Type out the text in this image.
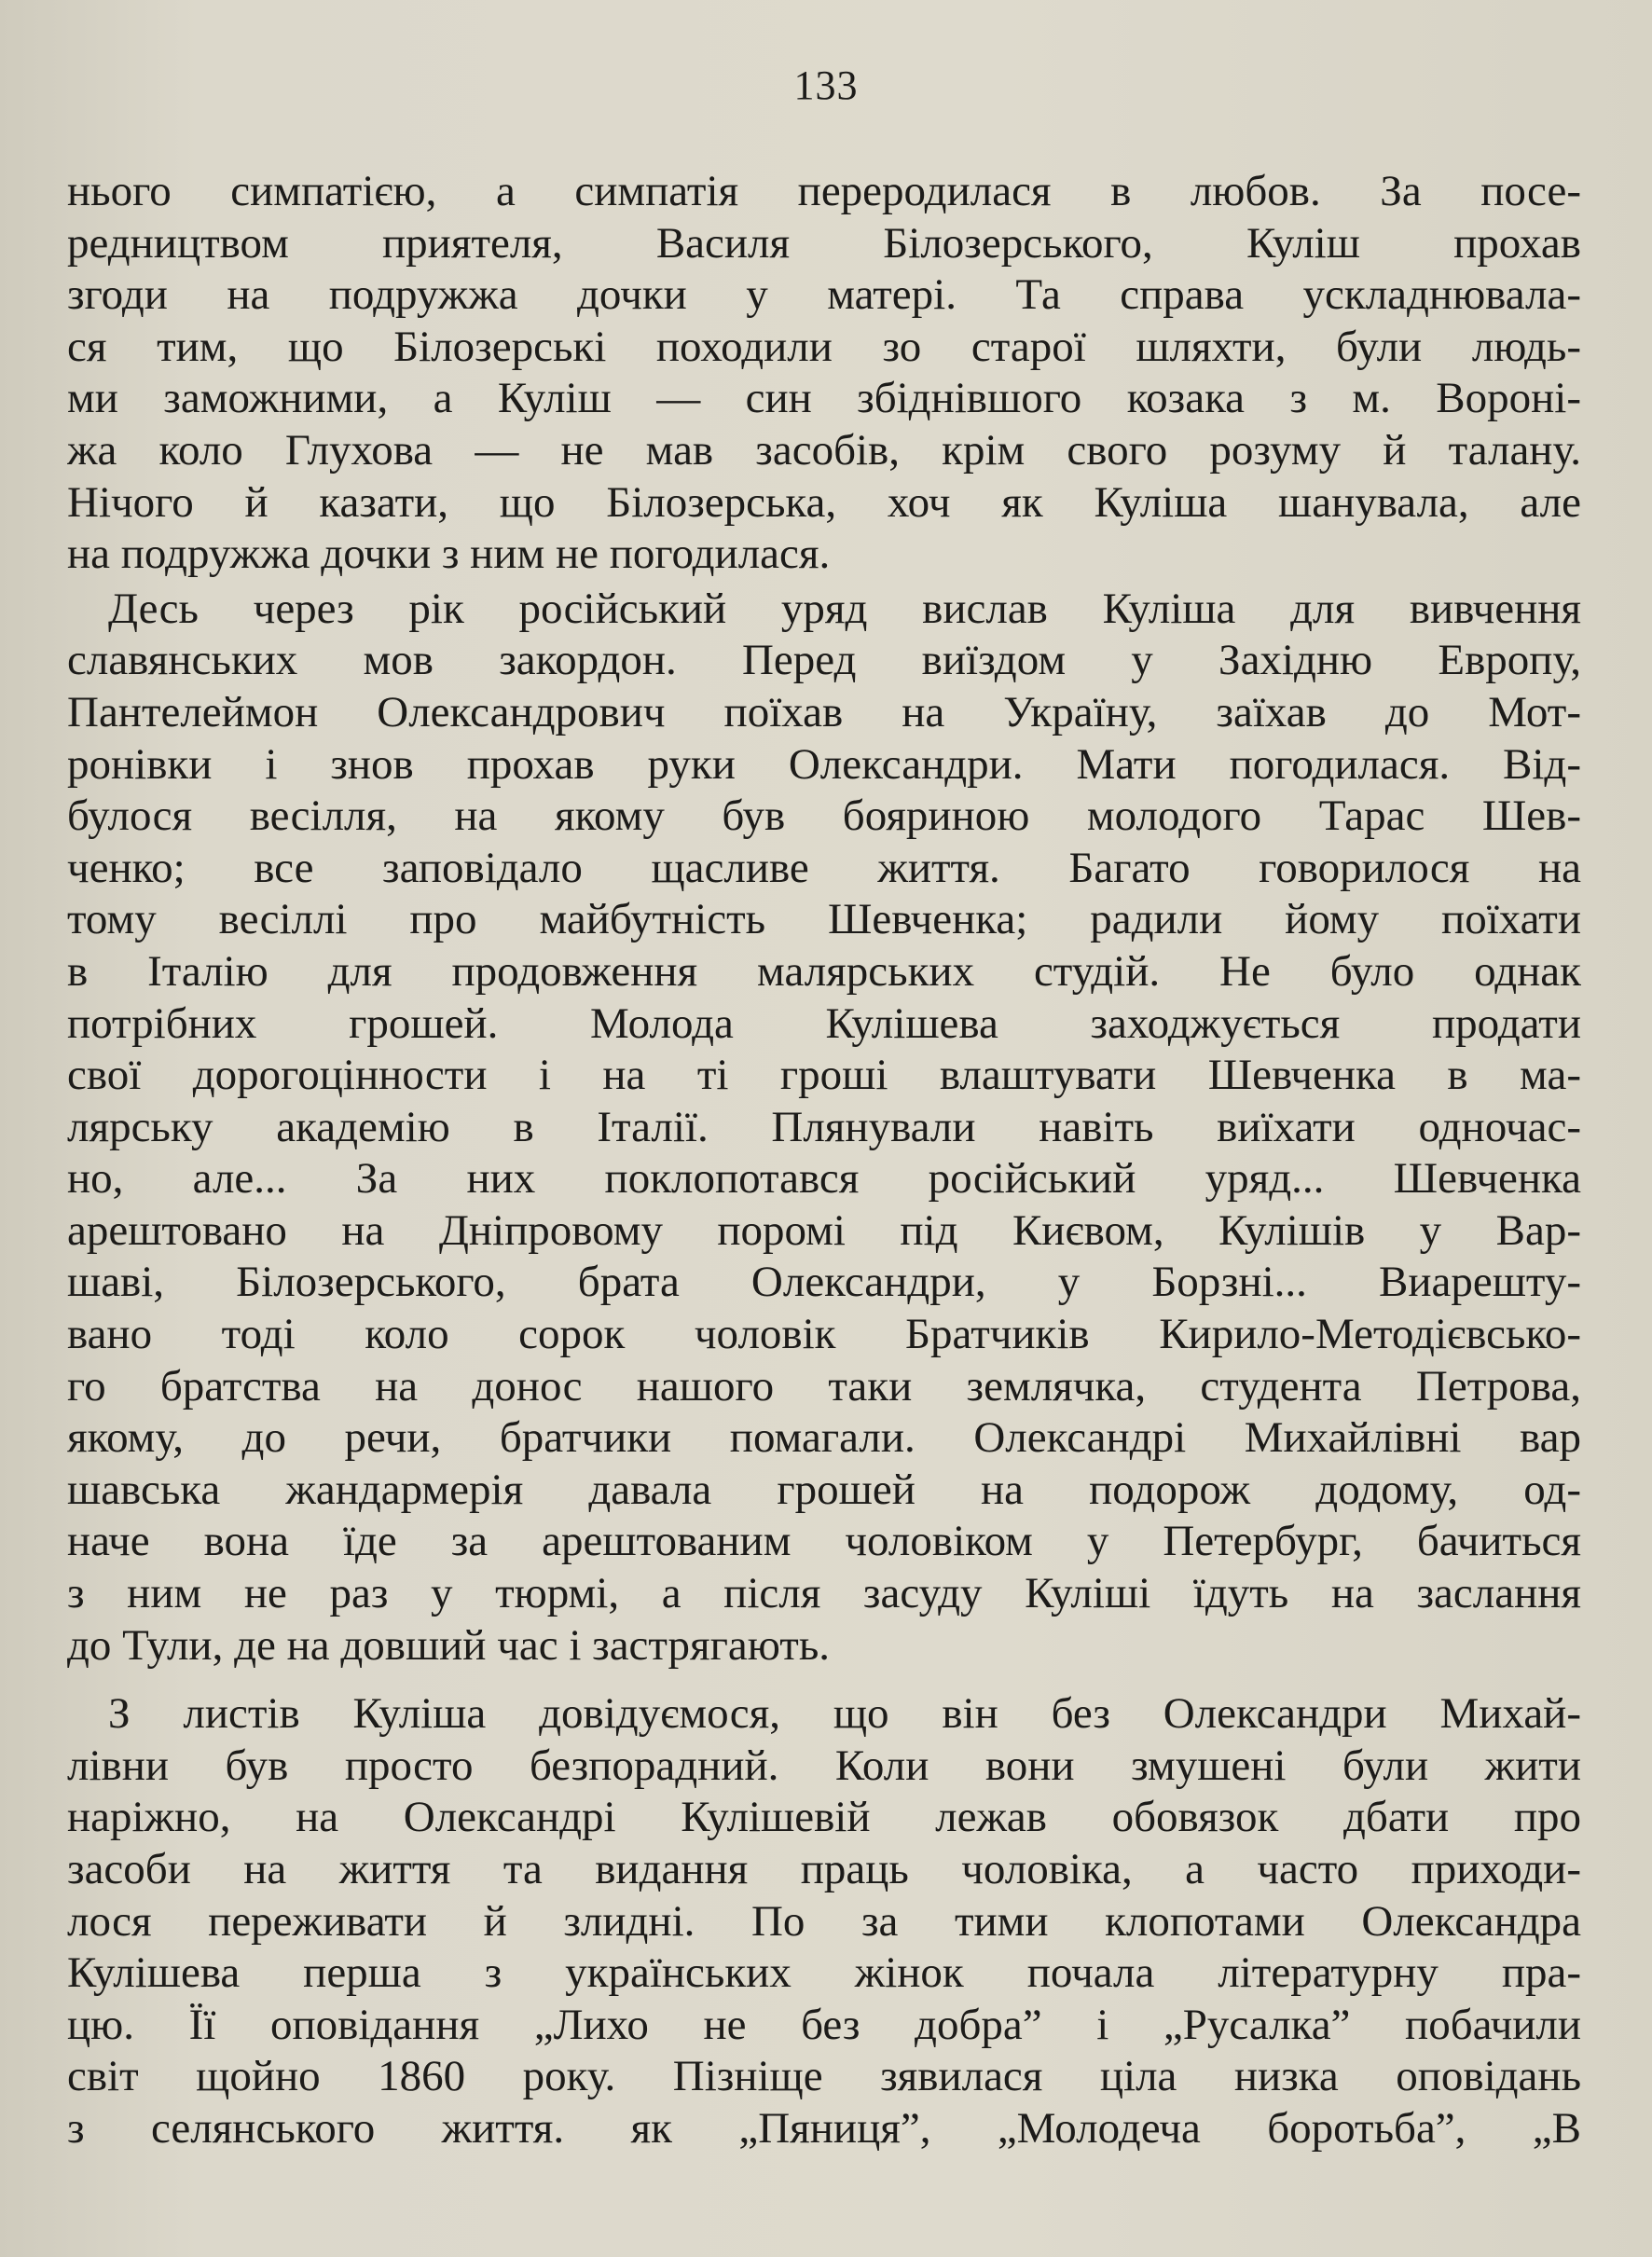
133
нього симпатією, а симпатія переродилася в любов. За посе-
редництвом приятеля, Василя Білозерського, Куліш прохав
згоди на подружжа дочки у матері. Та справа ускладнювала-
ся тим, що Білозерські походили зо старої шляхти, були людь-
ми заможними, а Куліш — син збіднівшого козака з м. Вороні-
жа коло Глухова — не мав засобів, крім свого розуму й талану.
Нічого й казати, що Білозерська, хоч як Куліша шанувала, але
на подружжа дочки з ним не погодилася.
Десь через рік російський уряд вислав Куліша для вивчення
славянських мов закордон. Перед виїздом у Західню Европу,
Пантелеймон Олександрович поїхав на Україну, заїхав до Мот-
ронівки і знов прохав руки Олександри. Мати погодилася. Від-
булося весілля, на якому був бояриною молодого Тарас Шев-
ченко; все заповідало щасливе життя. Багато говорилося на
тому весіллі про майбутність Шевченка; радили йому поїхати
в Італію для продовження малярських студій. Не було однак
потрібних грошей. Молода Кулішева заходжується продати
свої дорогоцінности і на ті гроші влаштувати Шевченка в ма-
лярську академію в Італії. Плянували навіть виїхати одночас-
но, але... За них поклопотався російський уряд... Шевченка
арештовано на Дніпровому поромі під Києвом, Кулішів у Вар-
шаві, Білозерського, брата Олександри, у Борзні... Виарешту-
вано тоді коло сорок чоловік Братчиків Кирило-Методієвсько-
го братства на донос нашого таки землячка, студента Петрова,
якому, до речи, братчики помагали. Олександрі Михайлівні вар
шавська жандармерія давала грошей на подорож додому, од-
наче вона їде за арештованим чоловіком у Петербург, бачиться
з ним не раз у тюрмі, а після засуду Куліші їдуть на заслання
до Тули, де на довший час і застрягають.
З листів Куліша довідуємося, що він без Олександри Михай-
лівни був просто безпорадний. Коли вони змушені були жити
наріжно, на Олександрі Кулішевій лежав обовязок дбати про
засоби на життя та видання праць чоловіка, а часто приходи-
лося переживати й злидні. По за тими клопотами Олександра
Кулішева перша з українських жінок почала літературну пра-
цю. Її оповідання „Лихо не без добра” і „Русалка” побачили
світ щойно 1860 року. Пізніще зявилася ціла низка оповідань
з селянського життя. як „Пяниця”, „Молодеча боротьба”, „В
